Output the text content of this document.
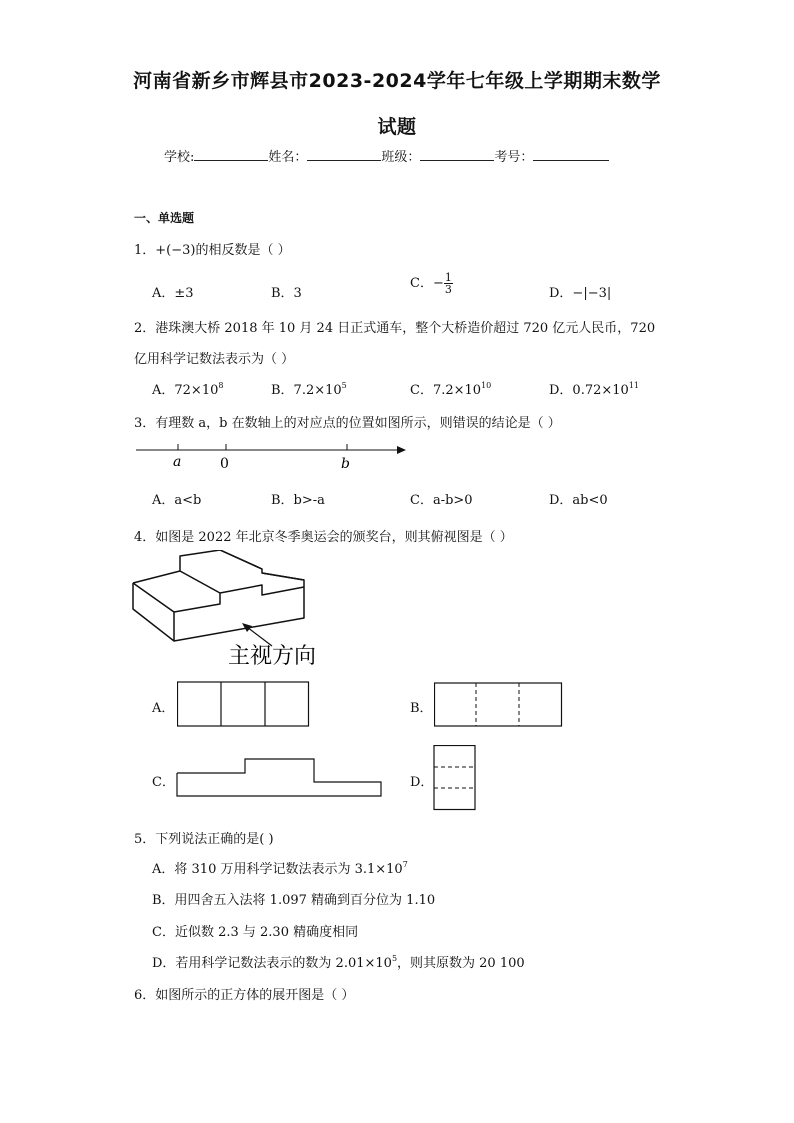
河南省新乡市辉县市2023-2024学年七年级上学期期末数学
试题
学校:	姓名：	班级：	考号：
一、单选题
1．+(−3)的相反数是（ ）
A．±3	B．3
C．− $\frac{1}{3}$	D．−|−3|
2．港珠澳大桥 2018 年 10 月 24 日正式通车，整个大桥造价超过 720 亿元人民币，720
亿用科学记数法表示为（ ）
A．$72\times 10^8$	B．$7.2\times 10^5$	C．$7.2\times 10^{10}$	D．$0.72\times 10^{11}$
3．有理数 a，b 在数轴上的对应点的位置如图所示，则错误的结论是（ ）
a	0	b
A．a<b	B．b>-a	C．a-b>0	D．ab<0
4．如图是 2022 年北京冬季奥运会的颁奖台，则其俯视图是（ ）
主视方向
A．	B．
C．	D．
5．下列说法正确的是( )
A．将 310 万用科学记数法表示为 $3.1\times 10^7$
B．用四舍五入法将 1.097 精确到百分位为 1.10
C．近似数 2.3 与 2.30 精确度相同
D．若用科学记数法表示的数为 $2.01\times 10^5$，则其原数为 20 100
6．如图所示的正方体的展开图是（ ）
